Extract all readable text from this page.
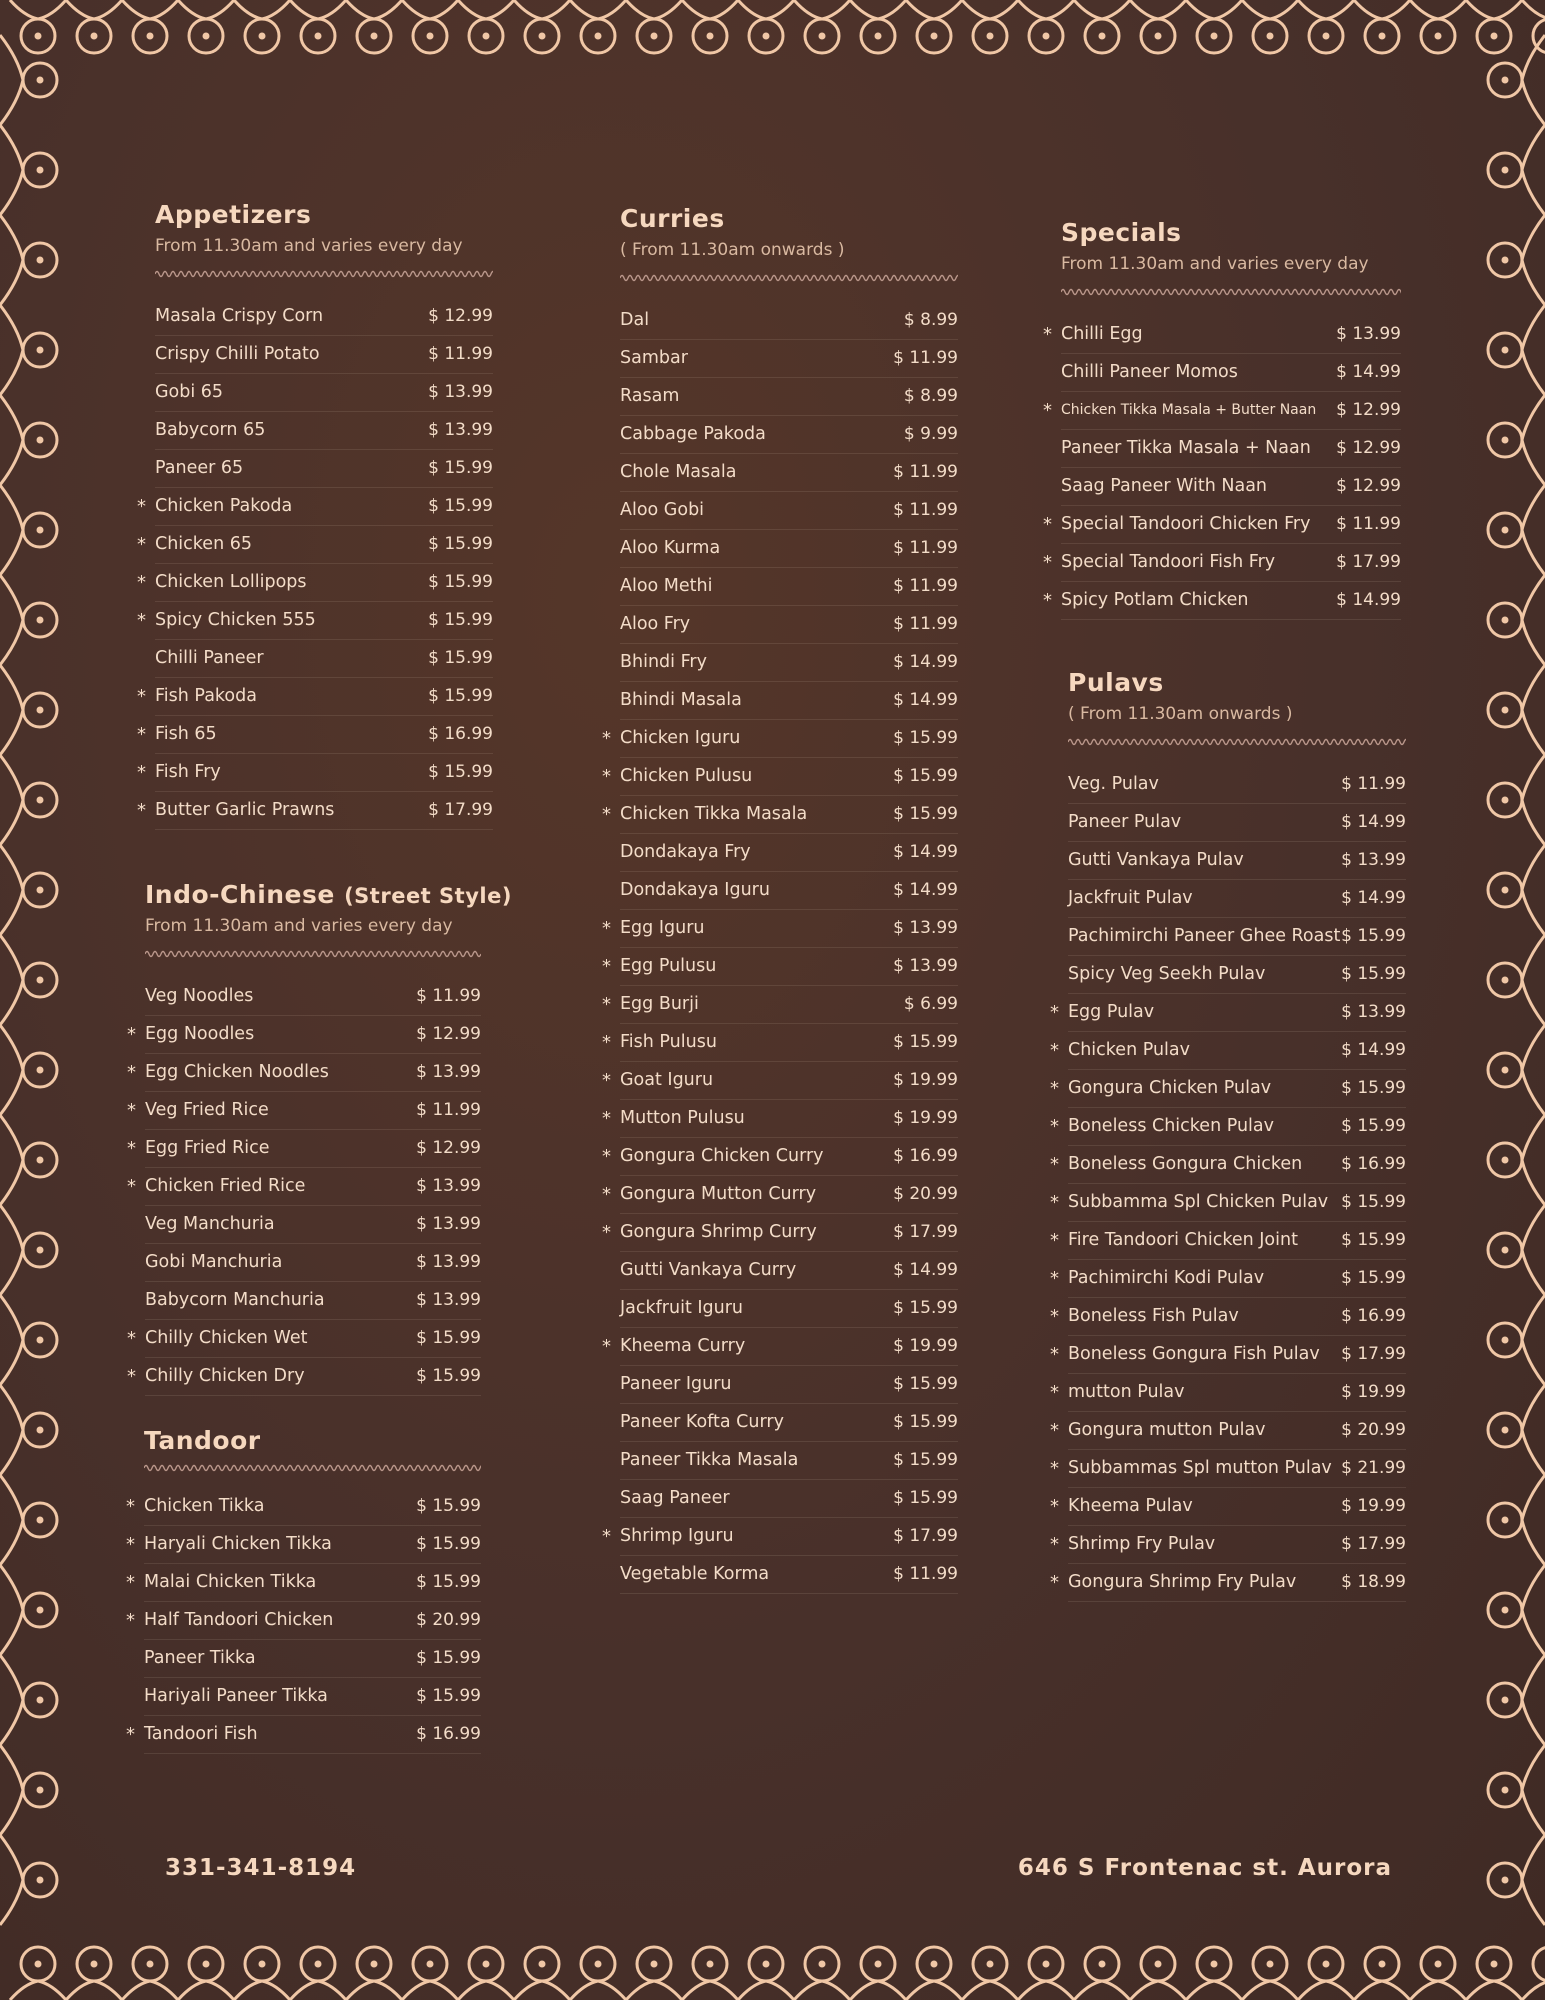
Appetizers

From 11.30am and varies every day

Masala Crispy Corn	$ 12.99
Crispy Chilli Potato	$ 11.99
Gobi 65	$ 13.99
Babycorn 65	$ 13.99
Paneer 65	$ 15.99
* Chicken Pakoda	$ 15.99
* Chicken 65	$ 15.99
* Chicken Lollipops	$ 15.99
* Spicy Chicken 555	$ 15.99
Chilli Paneer	$ 15.99
* Fish Pakoda	$ 15.99
* Fish 65	$ 16.99
* Fish Fry	$ 15.99
* Butter Garlic Prawns	$ 17.99
Indo-Chinese (Street Style)

From 11.30am and varies every day

Veg Noodles	$ 11.99
* Egg Noodles	$ 12.99
* Egg Chicken Noodles	$ 13.99
* Veg Fried Rice	$ 11.99
* Egg Fried Rice	$ 12.99
* Chicken Fried Rice	$ 13.99
Veg Manchuria	$ 13.99
Gobi Manchuria	$ 13.99
Babycorn Manchuria	$ 13.99
* Chilly Chicken Wet	$ 15.99
* Chilly Chicken Dry	$ 15.99
Tandoor
* Chicken Tikka	$ 15.99
* Haryali Chicken Tikka	$ 15.99
* Malai Chicken Tikka	$ 15.99
* Half Tandoori Chicken	$ 20.99
Paneer Tikka	$ 15.99
Hariyali Paneer Tikka	$ 15.99
* Tandoori Fish	$ 16.99
Curries

( From 11.30am onwards )

Dal	$ 8.99
Sambar	$ 11.99
Rasam	$ 8.99
Cabbage Pakoda	$ 9.99
Chole Masala	$ 11.99
Aloo Gobi	$ 11.99
Aloo Kurma	$ 11.99
Aloo Methi	$ 11.99
Aloo Fry	$ 11.99
Bhindi Fry	$ 14.99
Bhindi Masala	$ 14.99
* Chicken Iguru	$ 15.99
* Chicken Pulusu	$ 15.99
* Chicken Tikka Masala	$ 15.99
Dondakaya Fry	$ 14.99
Dondakaya Iguru	$ 14.99
* Egg Iguru	$ 13.99
* Egg Pulusu	$ 13.99
* Egg Burji	$ 6.99
* Fish Pulusu	$ 15.99
* Goat Iguru	$ 19.99
* Mutton Pulusu	$ 19.99
* Gongura Chicken Curry	$ 16.99
* Gongura Mutton Curry	$ 20.99
* Gongura Shrimp Curry	$ 17.99
Gutti Vankaya Curry	$ 14.99
Jackfruit Iguru	$ 15.99
* Kheema Curry	$ 19.99
Paneer Iguru	$ 15.99
Paneer Kofta Curry	$ 15.99
Paneer Tikka Masala	$ 15.99
Saag Paneer	$ 15.99
* Shrimp Iguru	$ 17.99
Vegetable Korma	$ 11.99
Specials

From 11.30am and varies every day

* Chilli Egg	$ 13.99
Chilli Paneer Momos	$ 14.99
* Chicken Tikka Masala + Butter Naan $ 12.99
Paneer Tikka Masala + Naan $ 12.99
Saag Paneer With Naan	$ 12.99
* Special Tandoori Chicken Fry $ 11.99
* Special Tandoori Fish Fry	$ 17.99
* Spicy Potlam Chicken	$ 14.99
Pulavs

( From 11.30am onwards )

Veg. Pulav	$ 11.99
Paneer Pulav	$ 14.99
Gutti Vankaya Pulav	$ 13.99
Jackfruit Pulav	$ 14.99
Pachimirchi Paneer Ghee Roast $ 15.99
Spicy Veg Seekh Pulav	$ 15.99
* Egg Pulav	$ 13.99
* Chicken Pulav	$ 14.99
* Gongura Chicken Pulav	$ 15.99
* Boneless Chicken Pulav	$ 15.99
* Boneless Gongura Chicken $ 16.99
* Subbamma Spl Chicken Pulav $ 15.99
* Fire Tandoori Chicken Joint	$ 15.99
* Pachimirchi Kodi Pulav	$ 15.99
* Boneless Fish Pulav	$ 16.99
* Boneless Gongura Fish Pulav $ 17.99
* mutton Pulav	$ 19.99
* Gongura mutton Pulav	$ 20.99
* Subbammas Spl mutton Pulav $ 21.99
* Kheema Pulav	$ 19.99
* Shrimp Fry Pulav	$ 17.99
* Gongura Shrimp Fry Pulav	$ 18.99
331-341-8194	646 S Frontenac st. Aurora
